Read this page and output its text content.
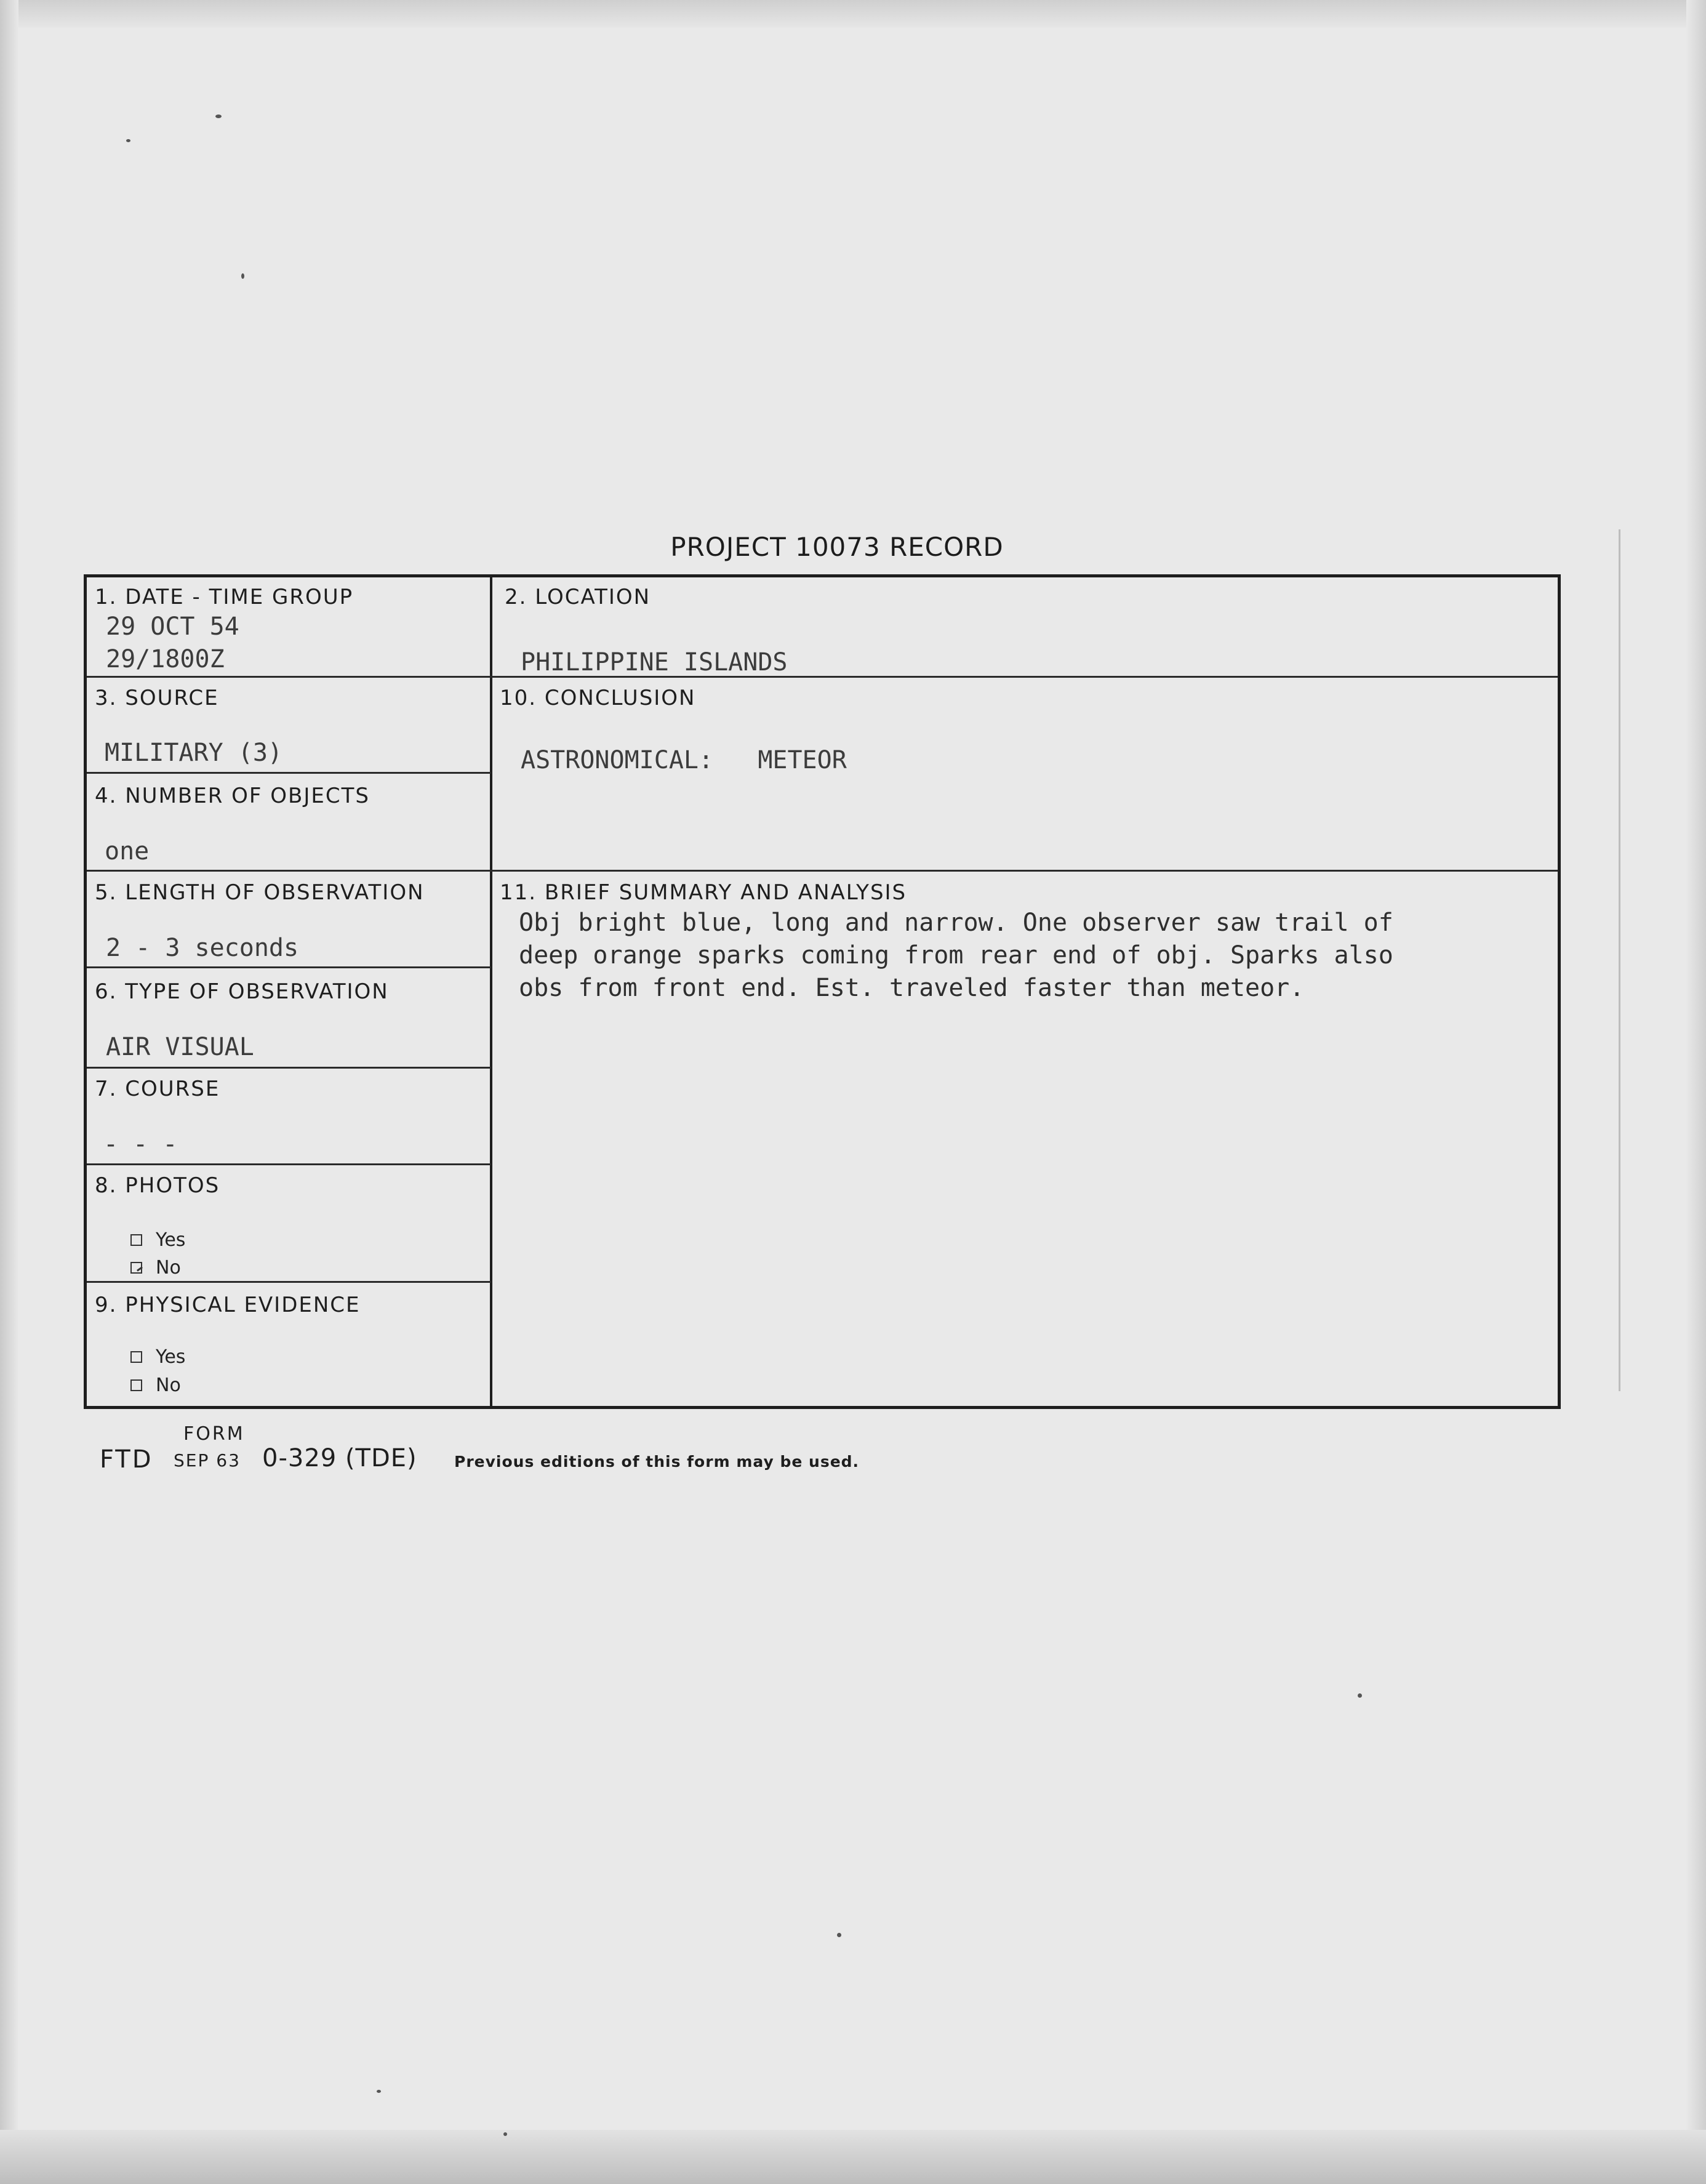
PROJECT 10073 RECORD
1. DATE - TIME GROUP
29 OCT 54
29/1800Z
2. LOCATION
PHILIPPINE ISLANDS
3. SOURCE
MILITARY (3)
4. NUMBER OF OBJECTS
one
5. LENGTH OF OBSERVATION
2 - 3 seconds
6. TYPE OF OBSERVATION
AIR VISUAL
7. COURSE
- - -
8. PHOTOS
Yes
No
9. PHYSICAL EVIDENCE
Yes
No
10. CONCLUSION
ASTRONOMICAL:   METEOR
11. BRIEF SUMMARY AND ANALYSIS
Obj bright blue, long and narrow. One observer saw trail of
deep orange sparks coming from rear end of obj. Sparks also
obs from front end. Est. traveled faster than meteor.
FORM
FTD SEP 63 0-329 (TDE) Previous editions of this form may be used.
